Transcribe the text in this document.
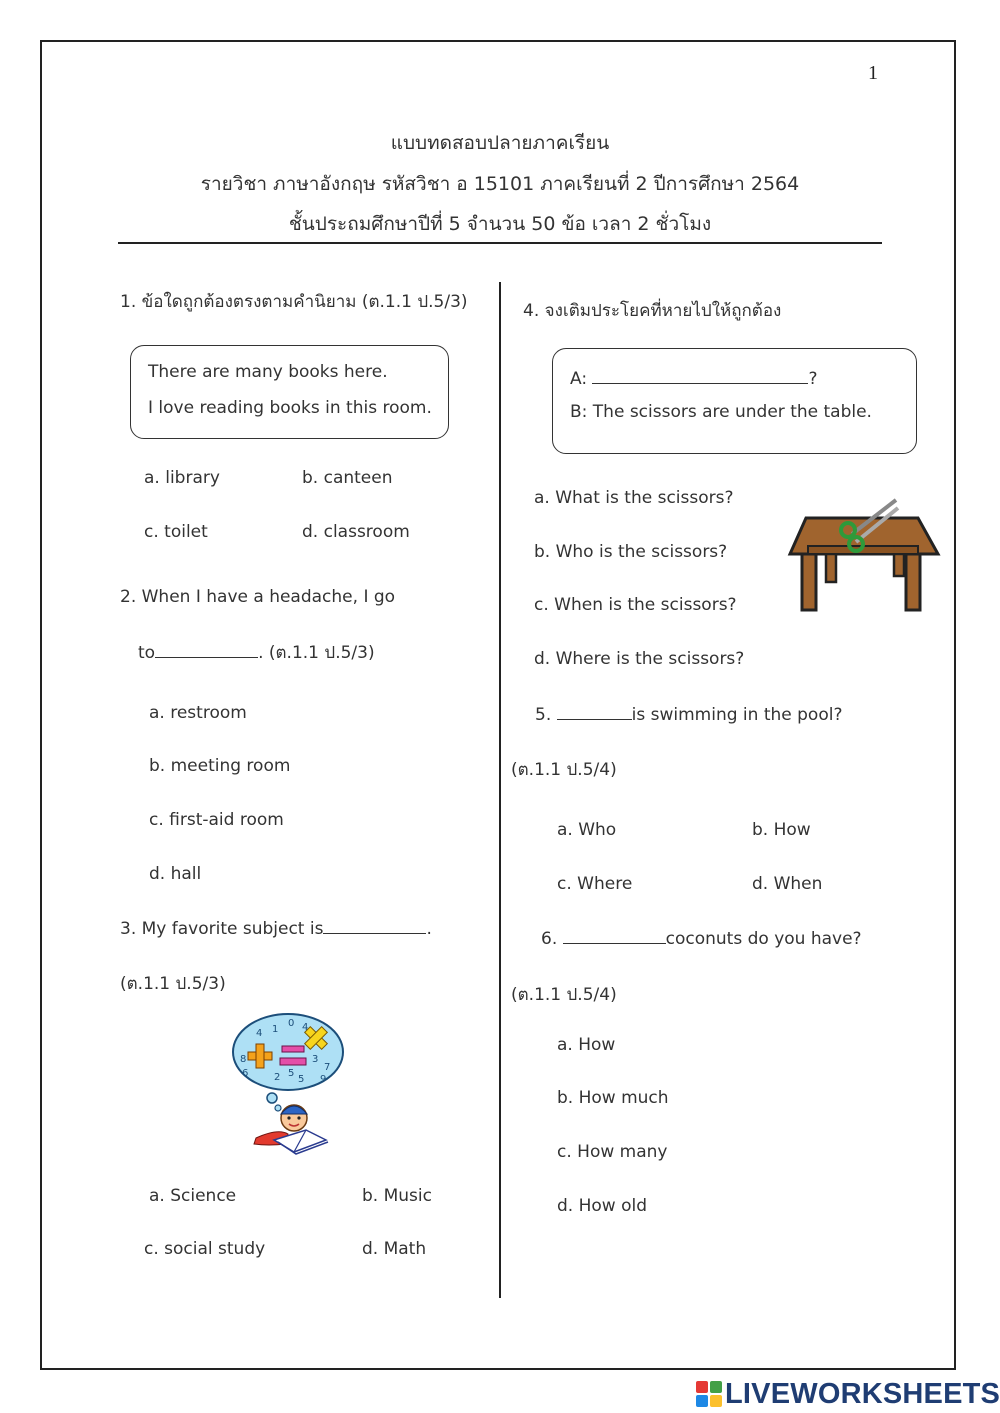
1
แบบทดสอบปลายภาคเรียน
รายวิชา ภาษาอังกฤษ รหัสวิชา อ 15101 ภาคเรียนที่ 2 ปีการศึกษา 2564
ชั้นประถมศึกษาปีที่ 5 จำนวน 50 ข้อ เวลา 2 ชั่วโมง
1. ข้อใดถูกต้องตรงตามคำนิยาม (ต.1.1 ป.5/3)
There are many books here.
I love reading books in this room.
a. library	b. canteen
c. toilet	d. classroom
2. When I have a headache, I go
to	. (ต.1.1 ป.5/3)
a. restroom
b. meeting room
c. first-aid room
d. hall
3. My favorite subject is	.
(ต.1.1 ป.5/3)
4 1
0 4
8
6	2 5
3
7
9
5
a. Science	b. Music
c. social study	d. Math
4. จงเติมประโยคที่หายไปให้ถูกต้อง
A:	?
B: The scissors are under the table.
a. What is the scissors?
b. Who is the scissors?
c. When is the scissors?
d. Where is the scissors?
5.	is swimming in the pool?
(ต.1.1 ป.5/4)
a. Who	b. How
c. Where	d. When
6.	coconuts do you have?
(ต.1.1 ป.5/4)
a. How
b. How much
c. How many
d. How old
LIVEWORKSHEETS
